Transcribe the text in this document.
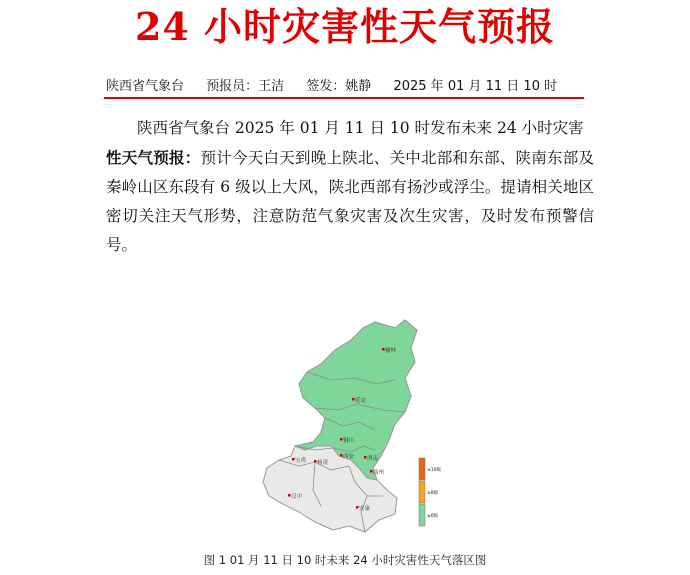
24 小时灾害性天气预报
陕西省气象台 预报员：王洁 签发：姚静 2025 年 01 月 11 日 10 时
陕西省气象台 2025 年 01 月 11 日 10 时发布未来 24 小时灾害
性天气预报：预计今天白天到晚上陕北、关中北部和东部、陕南东部及秦岭山区东段有 6 级以上大风，陕北西部有扬沙或浮尘。提请相关地区密切关注天气形势，注意防范气象灾害及次生灾害，及时发布预警信号。
榆林
延安
铜川
宝鸡 杨凌
西安 渭南
商州
汉中
安康
≥10级
≥8级
≥6级
图 1 01 月 11 日 10 时未来 24 小时灾害性天气落区图
